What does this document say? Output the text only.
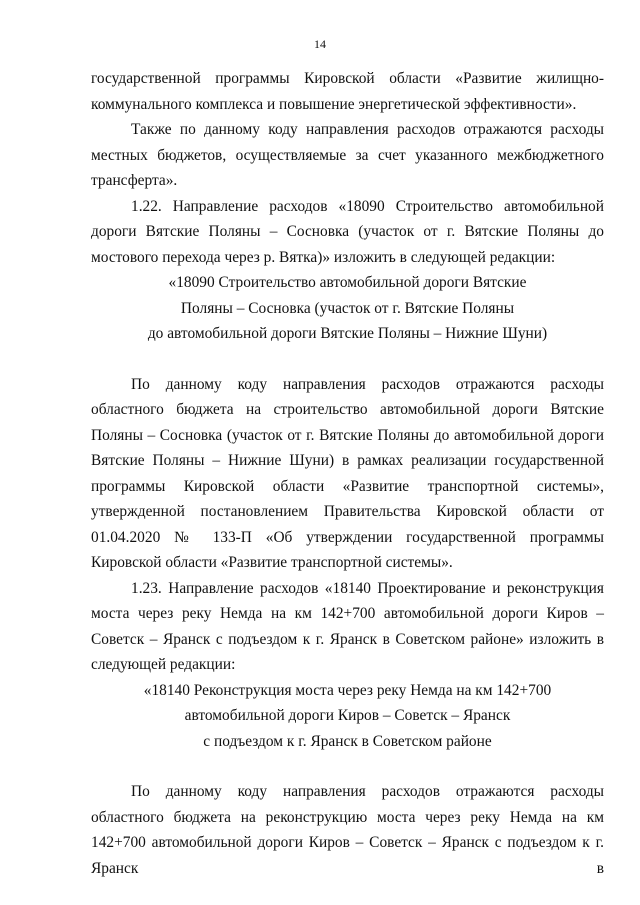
14

государственной программы Кировской области «Развитие жилищно-коммунального комплекса и повышение энергетической эффективности».

Также по данному коду направления расходов отражаются расходы местных бюджетов, осуществляемые за счет указанного межбюджетного трансферта».

1.22. Направление расходов «18090 Строительство автомобильной дороги Вятские Поляны – Сосновка (участок от г. Вятские Поляны до мостового перехода через р. Вятка)» изложить в следующей редакции:

«18090 Строительство автомобильной дороги Вятские
Поляны – Сосновка (участок от г. Вятские Поляны
до автомобильной дороги Вятские Поляны – Нижние Шуни)

По данному коду направления расходов отражаются расходы областного бюджета на строительство автомобильной дороги Вятские Поляны – Сосновка (участок от г. Вятские Поляны до автомобильной дороги Вятские Поляны – Нижние Шуни) в рамках реализации государственной программы Кировской области «Развитие транспортной системы», утвержденной постановлением Правительства Кировской области от 01.04.2020 № 133-П «Об утверждении государственной программы Кировской области «Развитие транспортной системы».

1.23. Направление расходов «18140 Проектирование и реконструкция моста через реку Немда на км 142+700 автомобильной дороги Киров – Советск – Яранск с подъездом к г. Яранск в Советском районе» изложить в следующей редакции:

«18140 Реконструкция моста через реку Немда на км 142+700
автомобильной дороги Киров – Советск – Яранск
с подъездом к г. Яранск в Советском районе

По данному коду направления расходов отражаются расходы областного бюджета на реконструкцию моста через реку Немда на км 142+700 автомобильной дороги Киров – Советск – Яранск с подъездом к г. Яранск в
